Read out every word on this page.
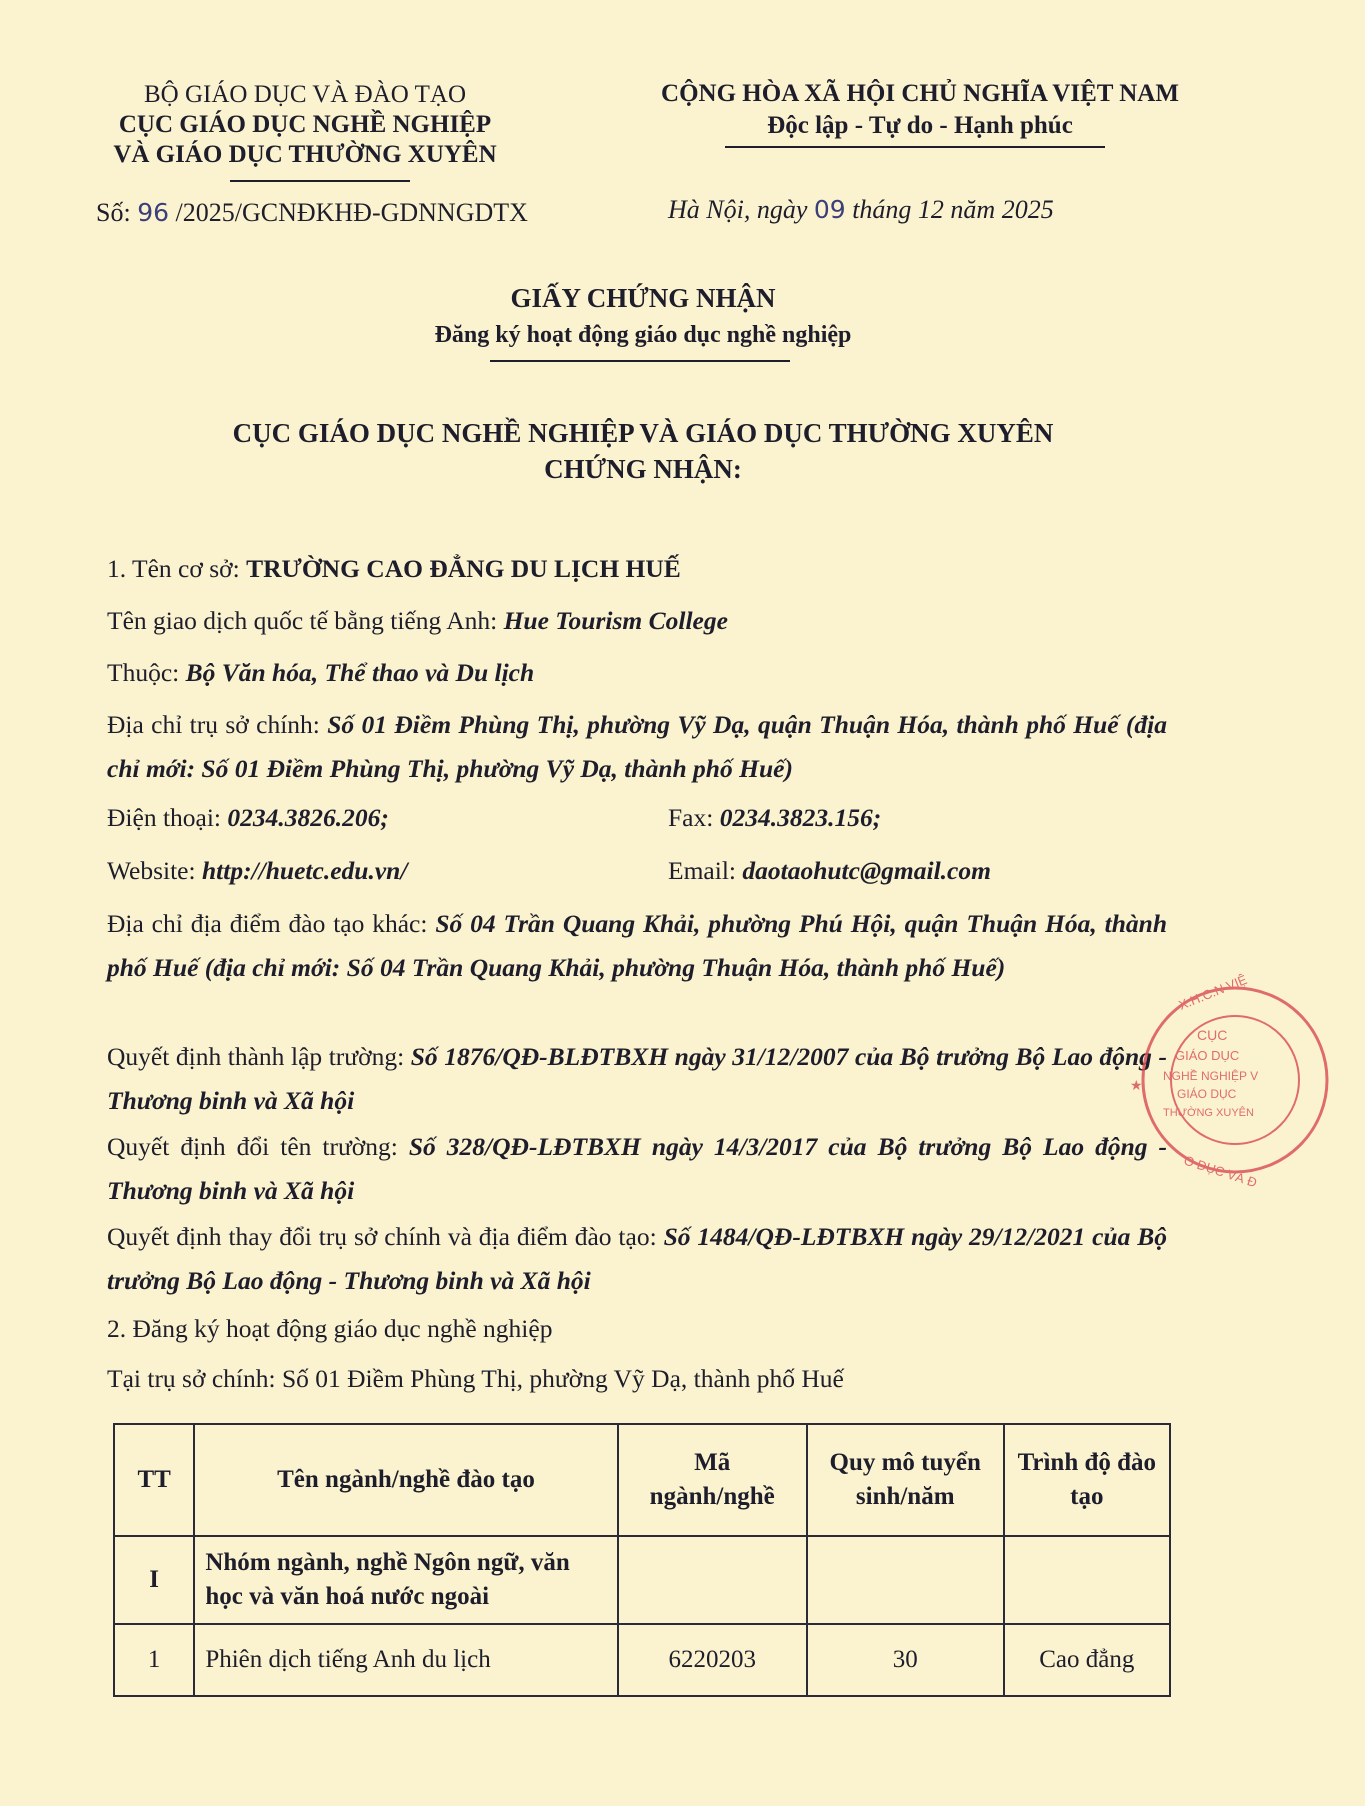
BỘ GIÁO DỤC VÀ ĐÀO TẠO
CỤC GIÁO DỤC NGHỀ NGHIỆP
VÀ GIÁO DỤC THƯỜNG XUYÊN
CỘNG HÒA XÃ HỘI CHỦ NGHĨA VIỆT NAM
Độc lập - Tự do - Hạnh phúc
Số: 96 /2025/GCNĐKHĐ-GDNNGDTX	Hà Nội, ngày 09 tháng 12 năm 2025
GIẤY CHỨNG NHẬN
Đăng ký hoạt động giáo dục nghề nghiệp
CỤC GIÁO DỤC NGHỀ NGHIỆP VÀ GIÁO DỤC THƯỜNG XUYÊN
CHỨNG NHẬN:
1. Tên cơ sở: TRƯỜNG CAO ĐẲNG DU LỊCH HUẾ
Tên giao dịch quốc tế bằng tiếng Anh: Hue Tourism College
Thuộc: Bộ Văn hóa, Thể thao và Du lịch
Địa chỉ trụ sở chính: Số 01 Điềm Phùng Thị, phường Vỹ Dạ, quận Thuận Hóa, thành phố Huế (địa chỉ mới: Số 01 Điềm Phùng Thị, phường Vỹ Dạ, thành phố Huế)
Điện thoại: 0234.3826.206;	Fax: 0234.3823.156;
Website: http://huetc.edu.vn/	Email: daotaohutc@gmail.com
Địa chỉ địa điểm đào tạo khác: Số 04 Trần Quang Khải, phường Phú Hội, quận Thuận Hóa, thành phố Huế (địa chỉ mới: Số 04 Trần Quang Khải, phường Thuận Hóa, thành phố Huế)
Quyết định thành lập trường: Số 1876/QĐ-BLĐTBXH ngày 31/12/2007 của Bộ trưởng Bộ Lao động - Thương binh và Xã hội
Quyết định đổi tên trường: Số 328/QĐ-LĐTBXH ngày 14/3/2017 của Bộ trưởng Bộ Lao động - Thương binh và Xã hội
Quyết định thay đổi trụ sở chính và địa điểm đào tạo: Số 1484/QĐ-LĐTBXH ngày 29/12/2021 của Bộ trưởng Bộ Lao động - Thương binh và Xã hội
2. Đăng ký hoạt động giáo dục nghề nghiệp
Tại trụ sở chính: Số 01 Điềm Phùng Thị, phường Vỹ Dạ, thành phố Huế
TT	Tên ngành/nghề đào tạo	Mã ngành/nghề	Quy mô tuyển sinh/năm	Trình độ đào tạo
I	Nhóm ngành, nghề Ngôn ngữ, văn học và văn hoá nước ngoài			
1	Phiên dịch tiếng Anh du lịch	6220203	30	Cao đẳng
X.H.C.N VIỆ
O DỤC VÀ Đ
CỤC
GIÁO DỤC
NGHỀ NGHIỆP V
GIÁO DỤC
THƯỜNG XUYÊN
★
